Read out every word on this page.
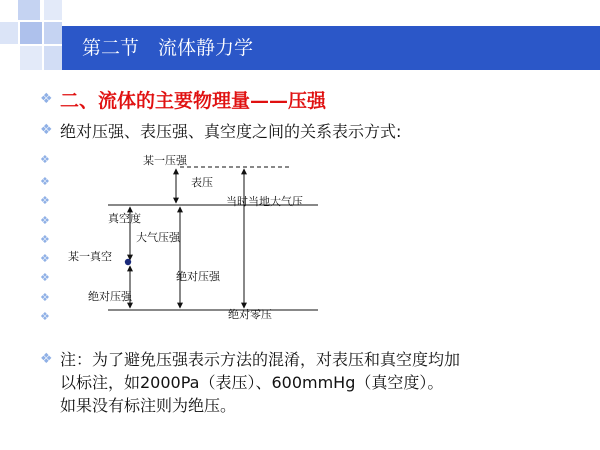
第二节  流体静力学
❖ 二、流体的主要物理量——压强
❖ 绝对压强、表压强、真空度之间的关系表示方式:
❖
❖
❖
❖
❖
❖
❖
❖
❖
某一压强
表压
当时当地大气压
真空度
大气压强
某一真空
绝对压强
绝对压强
绝对零压
❖ 注：为了避免压强表示方法的混淆，对表压和真空度均加
以标注，如2000Pa（表压）、600mmHg（真空度）。
如果没有标注则为绝压。
